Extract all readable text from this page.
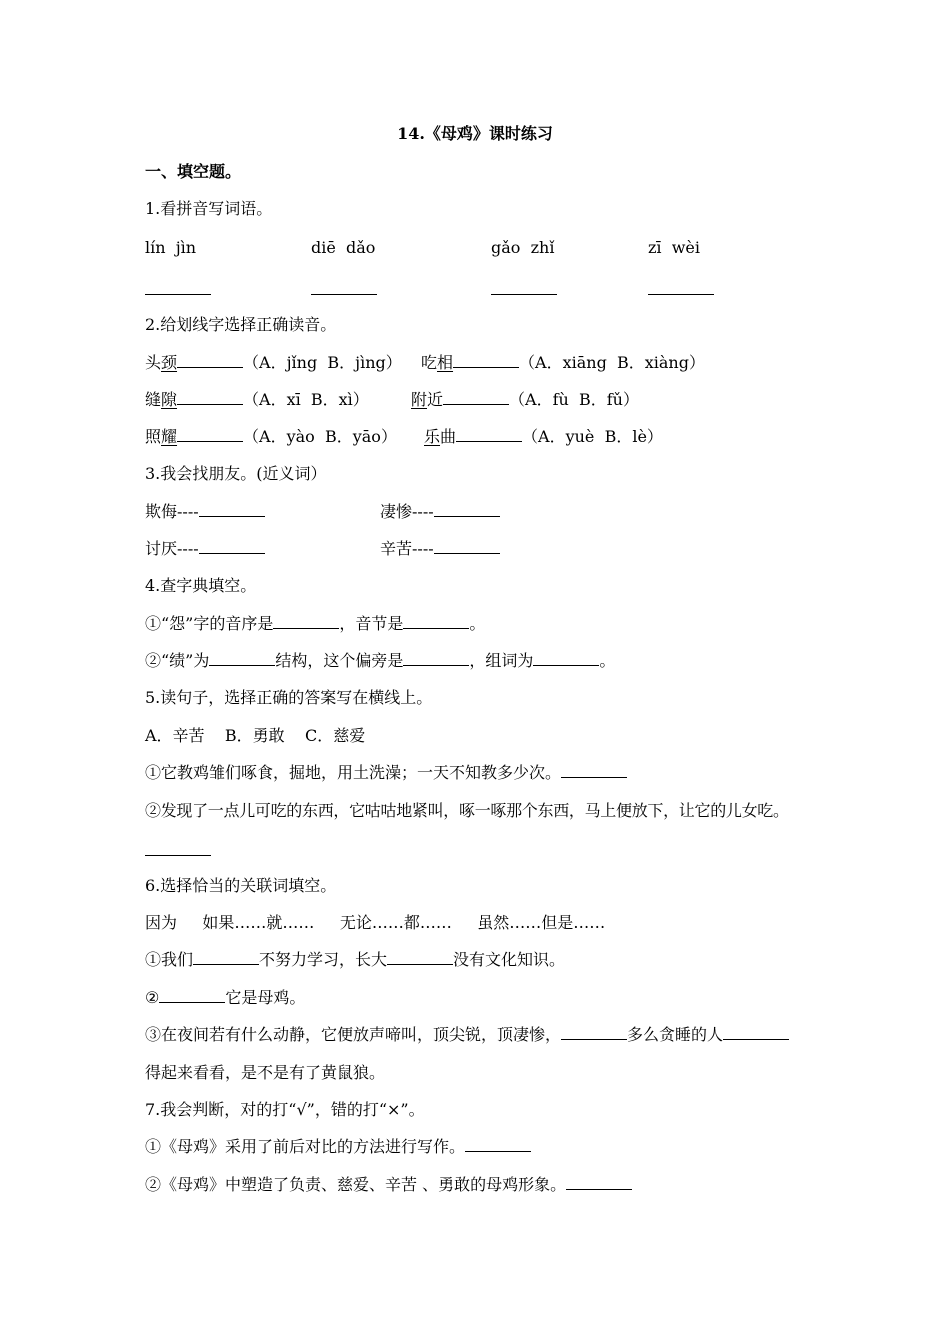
14.《母鸡》课时练习
一、填空题。
1.看拼音写词语。
lín  jìn	diē  dǎo	gǎo  zhǐ	zī  wèi
2.给划线字选择正确读音。
头颈	（A．jǐng  B．jìng） 吃相	（A．xiāng  B．xiàng）
缝隙	（A．xī  B．xì）	附近	（A．fù  B．fǔ）
照耀	（A．yào  B．yāo） 乐曲	（A．yuè  B．lè）
3.我会找朋友。(近义词）
欺侮----	凄惨----
讨厌----	辛苦----
4.查字典填空。
①“怨”字的音序是	，音节是	。
②“绩”为	结构，这个偏旁是	，组词为	。
5.读句子，选择正确的答案写在横线上。
A．辛苦    B．勇敢    C．慈爱
①它教鸡雏们啄食，掘地，用土洗澡；一天不知教多少次。
②发现了一点儿可吃的东西，它咕咕地紧叫，啄一啄那个东西，马上便放下，让它的儿女吃。
6.选择恰当的关联词填空。
因为     如果……就……     无论……都……     虽然……但是……
①我们	不努力学习，长大	没有文化知识。
②	它是母鸡。
③在夜间若有什么动静，它便放声啼叫，顶尖锐，顶凄惨，	多么贪睡的人
得起来看看，是不是有了黄鼠狼。
7.我会判断，对的打“√”，错的打“×”。
①《母鸡》采用了前后对比的方法进行写作。
②《母鸡》中塑造了负责、慈爱、辛苦 、勇敢的母鸡形象。
